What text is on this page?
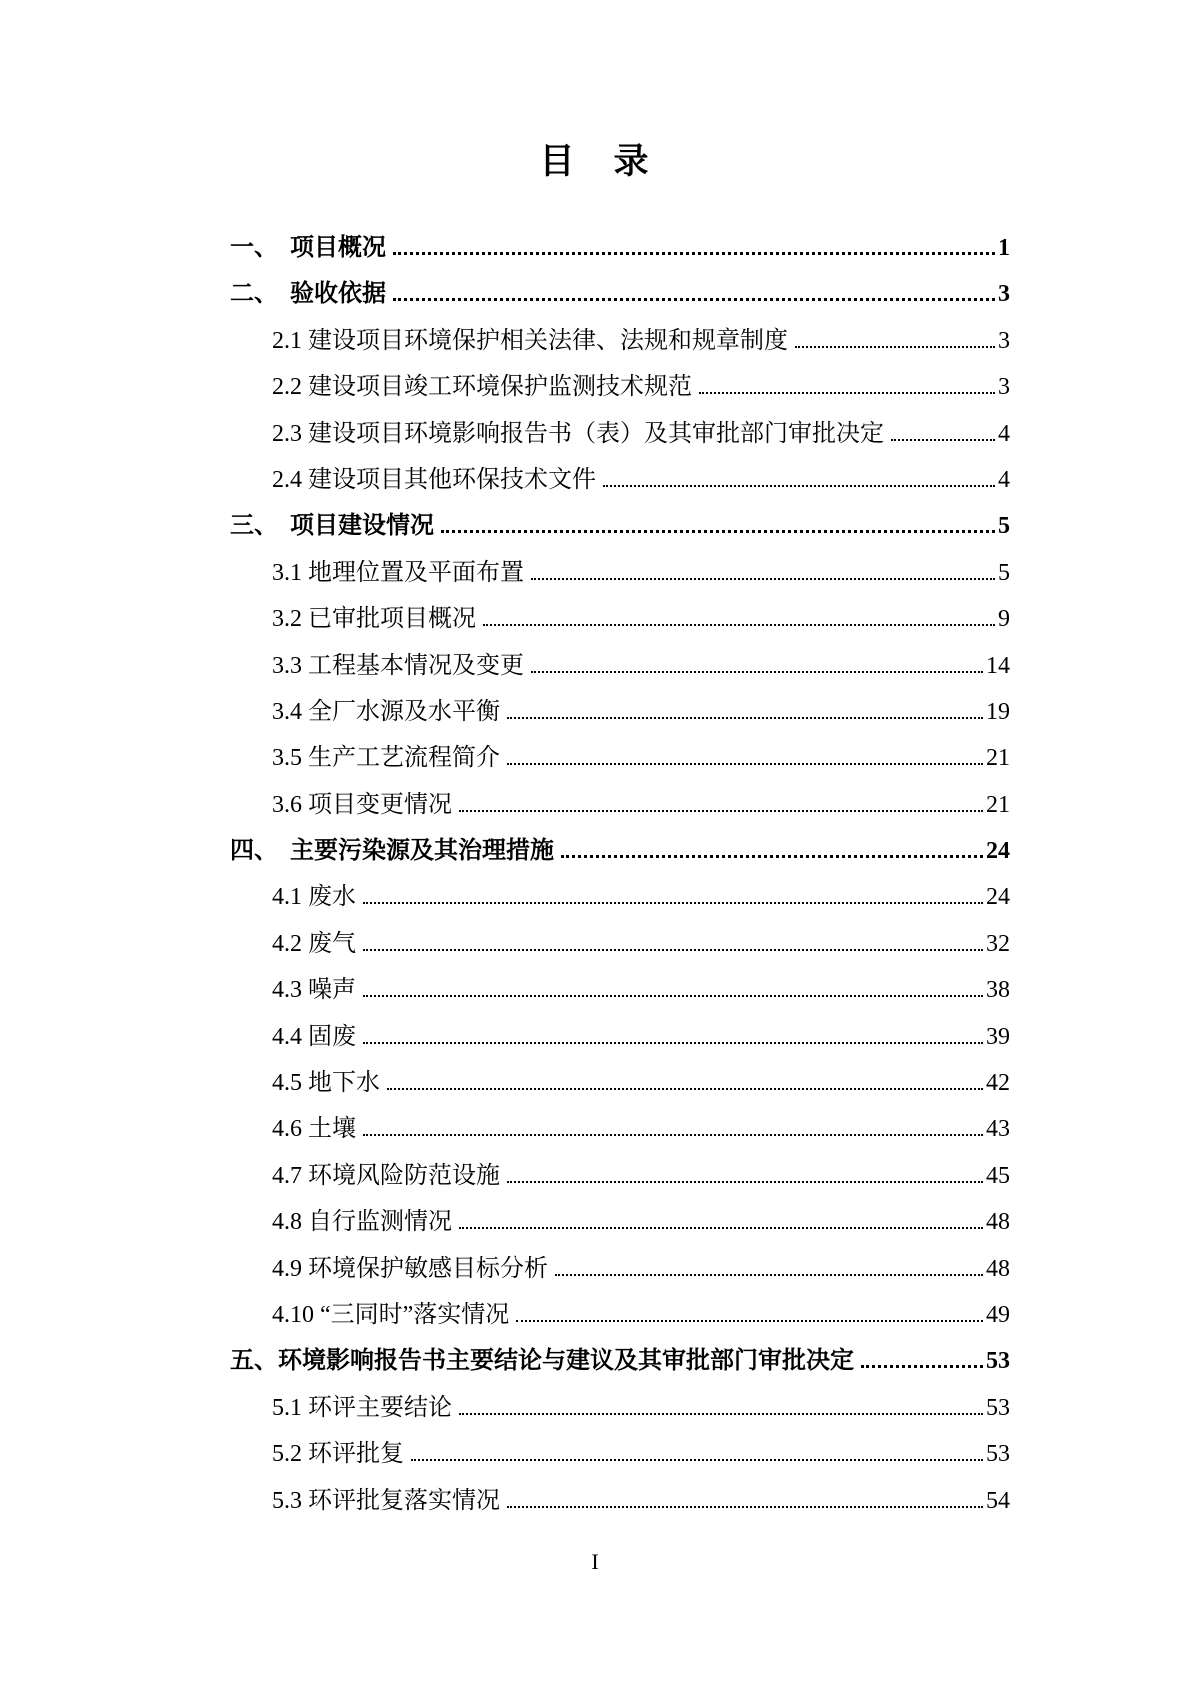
目　录
一、 项目概况	1
二、 验收依据	3
2.1 建设项目环境保护相关法律、法规和规章制度	3
2.2 建设项目竣工环境保护监测技术规范	3
2.3 建设项目环境影响报告书（表）及其审批部门审批决定	4
2.4 建设项目其他环保技术文件	4
三、 项目建设情况	5
3.1 地理位置及平面布置	5
3.2 已审批项目概况	9
3.3 工程基本情况及变更	14
3.4 全厂水源及水平衡	19
3.5 生产工艺流程简介	21
3.6 项目变更情况	21
四、 主要污染源及其治理措施	24
4.1 废水	24
4.2 废气	32
4.3 噪声	38
4.4 固废	39
4.5 地下水	42
4.6 土壤	43
4.7 环境风险防范设施	45
4.8 自行监测情况	48
4.9 环境保护敏感目标分析	48
4.10 “三同时”落实情况	49
五、 环境影响报告书主要结论与建议及其审批部门审批决定	53
5.1 环评主要结论	53
5.2 环评批复	53
5.3 环评批复落实情况	54
I
